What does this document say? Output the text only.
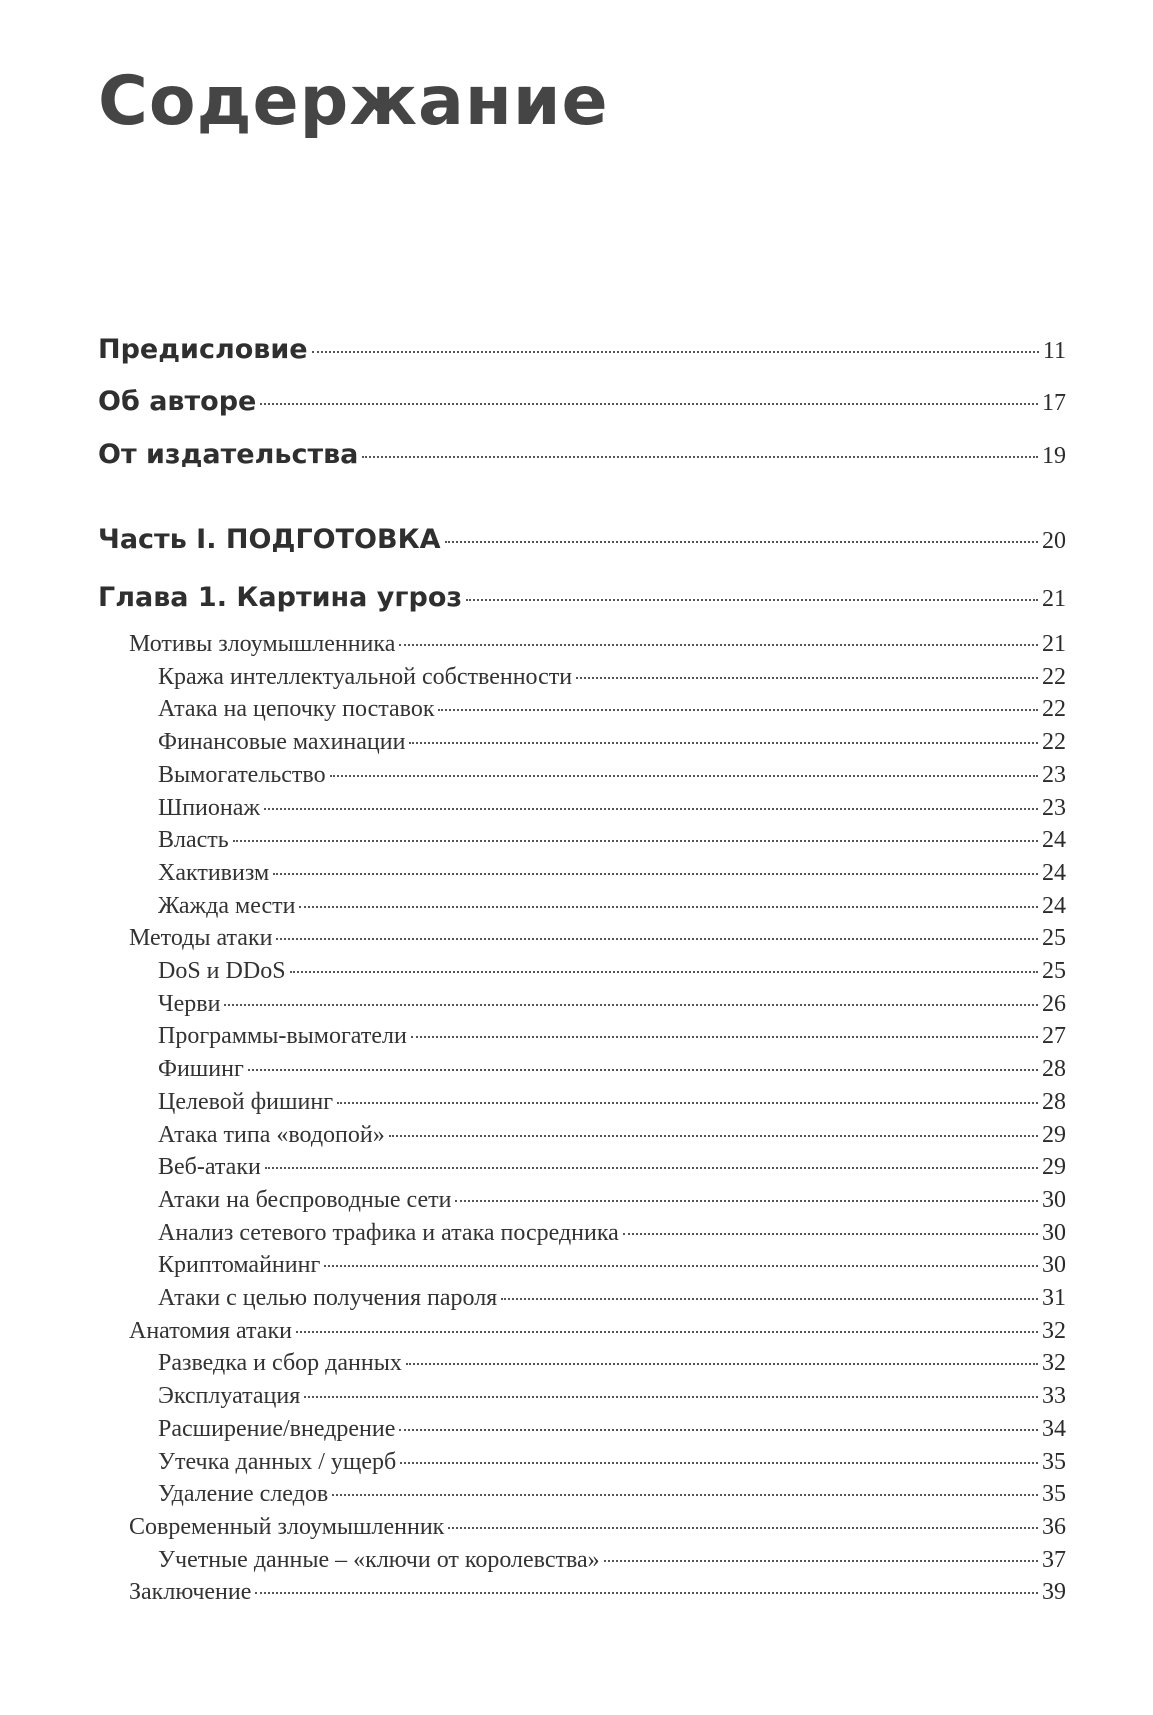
Содержание
Предисловие	11
Об авторе	17
От издательства	19
Часть I. ПОДГОТОВКА	20
Глава 1. Картина угроз	21
Мотивы злоумышленника	21
Кража интеллектуальной собственности	22
Атака на цепочку поставок	22
Финансовые махинации	22
Вымогательство	23
Шпионаж	23
Власть	24
Хактивизм	24
Жажда мести	24
Методы атаки	25
DoS и DDoS	25
Черви	26
Программы-вымогатели	27
Фишинг	28
Целевой фишинг	28
Атака типа «водопой»	29
Веб-атаки	29
Атаки на беспроводные сети	30
Анализ сетевого трафика и атака посредника	30
Криптомайнинг	30
Атаки с целью получения пароля	31
Анатомия атаки	32
Разведка и сбор данных	32
Эксплуатация	33
Расширение/внедрение	34
Утечка данных / ущерб	35
Удаление следов	35
Современный злоумышленник	36
Учетные данные – «ключи от королевства»	37
Заключение	39
